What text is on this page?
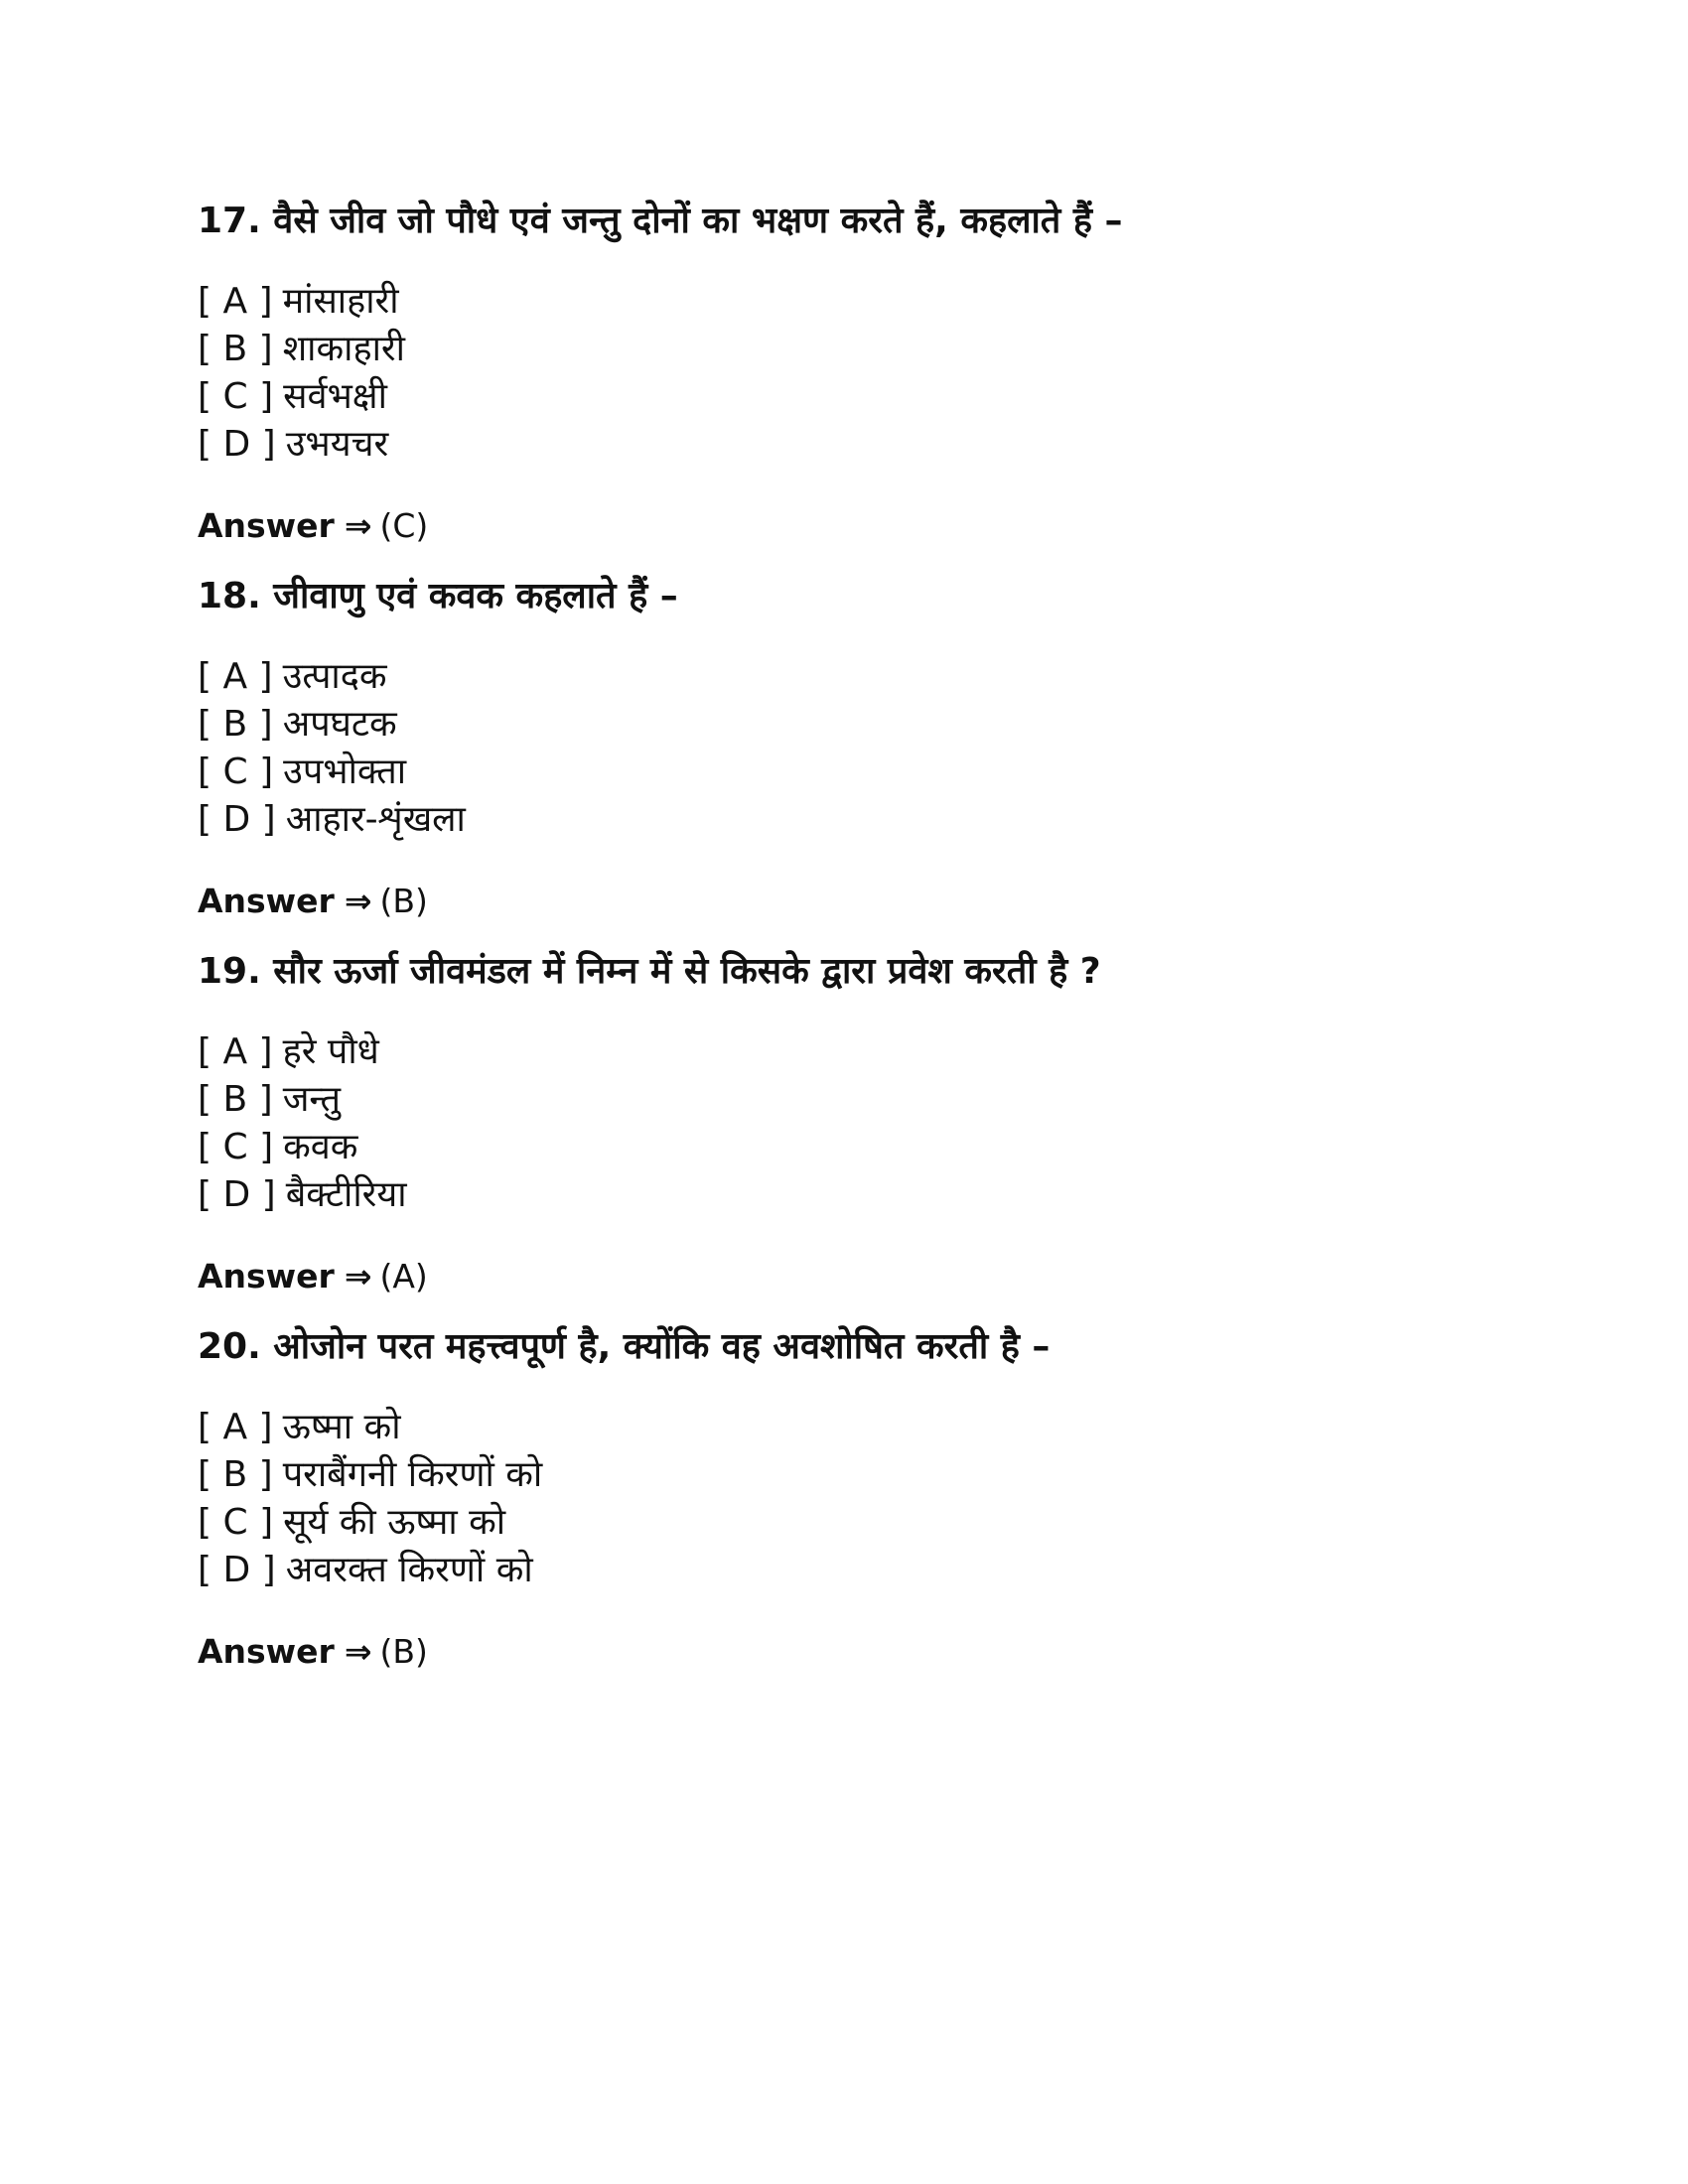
17. वैसे जीव जो पौधे एवं जन्तु दोनों का भक्षण करते हैं, कहलाते हैं –
[ A ] मांसाहारी
[ B ] शाकाहारी
[ C ] सर्वभक्षी
[ D ] उभयचर
Answer ⇒ (C)
18. जीवाणु एवं कवक कहलाते हैं –
[ A ] उत्पादक
[ B ] अपघटक
[ C ] उपभोक्ता
[ D ] आहार-शृंखला
Answer ⇒ (B)
19. सौर ऊर्जा जीवमंडल में निम्न में से किसके द्वारा प्रवेश करती है ?
[ A ] हरे पौधे
[ B ] जन्तु
[ C ] कवक
[ D ] बैक्टीरिया
Answer ⇒ (A)
20. ओजोन परत महत्त्वपूर्ण है, क्योंकि वह अवशोषित करती है –
[ A ] ऊष्मा को
[ B ] पराबैंगनी किरणों को
[ C ] सूर्य की ऊष्मा को
[ D ] अवरक्त किरणों को
Answer ⇒ (B)
